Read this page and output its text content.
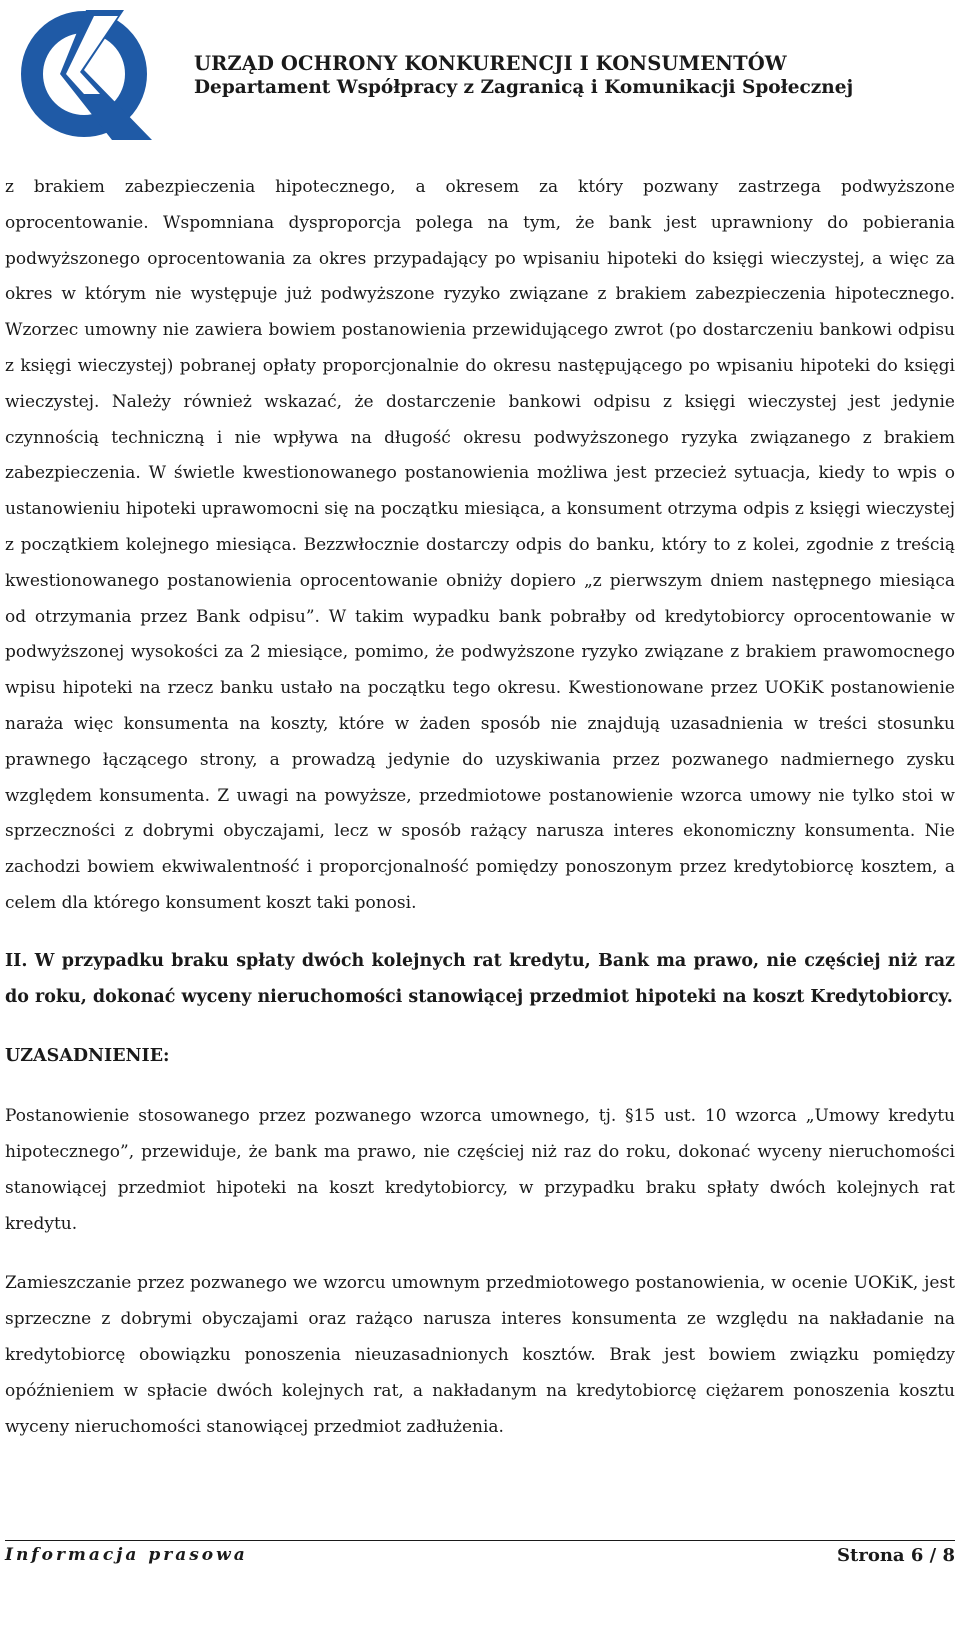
URZĄD OCHRONY KONKURENCJI I KONSUMENTÓW
Departament Współpracy z Zagranicą i Komunikacji Społecznej

z brakiem zabezpieczenia hipotecznego, a okresem za który pozwany zastrzega podwyższone oprocentowanie. Wspomniana dysproporcja polega na tym, że bank jest uprawniony do pobierania podwyższonego oprocentowania za okres przypadający po wpisaniu hipoteki do księgi wieczystej, a więc za okres w którym nie występuje już podwyższone ryzyko związane z brakiem zabezpieczenia hipotecznego. Wzorzec umowny nie zawiera bowiem postanowienia przewidującego zwrot (po dostarczeniu bankowi odpisu z księgi wieczystej) pobranej opłaty proporcjonalnie do okresu następującego po wpisaniu hipoteki do księgi wieczystej. Należy również wskazać, że dostarczenie bankowi odpisu z księgi wieczystej jest jedynie czynnością techniczną i nie wpływa na długość okresu podwyższonego ryzyka związanego z brakiem zabezpieczenia. W świetle kwestionowanego postanowienia możliwa jest przecież sytuacja, kiedy to wpis o ustanowieniu hipoteki uprawomocni się na początku miesiąca, a konsument otrzyma odpis z księgi wieczystej z początkiem kolejnego miesiąca. Bezzwłocznie dostarczy odpis do banku, który to z kolei, zgodnie z treścią kwestionowanego postanowienia oprocentowanie obniży dopiero „z pierwszym dniem następnego miesiąca od otrzymania przez Bank odpisu”. W takim wypadku bank pobrałby od kredytobiorcy oprocentowanie w podwyższonej wysokości za 2 miesiące, pomimo, że podwyższone ryzyko związane z brakiem prawomocnego wpisu hipoteki na rzecz banku ustało na początku tego okresu. Kwestionowane przez UOKiK postanowienie naraża więc konsumenta na koszty, które w żaden sposób nie znajdują uzasadnienia w treści stosunku prawnego łączącego strony, a prowadzą jedynie do uzyskiwania przez pozwanego nadmiernego zysku względem konsumenta. Z uwagi na powyższe, przedmiotowe postanowienie wzorca umowy nie tylko stoi w sprzeczności z dobrymi obyczajami, lecz w sposób rażący narusza interes ekonomiczny konsumenta. Nie zachodzi bowiem ekwiwalentność i proporcjonalność pomiędzy ponoszonym przez kredytobiorcę kosztem, a celem dla którego konsument koszt taki ponosi.

II. W przypadku braku spłaty dwóch kolejnych rat kredytu, Bank ma prawo, nie częściej niż raz do roku, dokonać wyceny nieruchomości stanowiącej przedmiot hipoteki na koszt Kredytobiorcy.

UZASADNIENIE:

Postanowienie stosowanego przez pozwanego wzorca umownego, tj. §15 ust. 10 wzorca „Umowy kredytu hipotecznego”, przewiduje, że bank ma prawo, nie częściej niż raz do roku, dokonać wyceny nieruchomości stanowiącej przedmiot hipoteki na koszt kredytobiorcy, w przypadku braku spłaty dwóch kolejnych rat kredytu.

Zamieszczanie przez pozwanego we wzorcu umownym przedmiotowego postanowienia, w ocenie UOKiK, jest sprzeczne z dobrymi obyczajami oraz rażąco narusza interes konsumenta ze względu na nakładanie na kredytobiorcę obowiązku ponoszenia nieuzasadnionych kosztów. Brak jest bowiem związku pomiędzy opóźnieniem w spłacie dwóch kolejnych rat, a nakładanym na kredytobiorcę ciężarem ponoszenia kosztu wyceny nieruchomości stanowiącej przedmiot zadłużenia.

Informacja prasowa	Strona 6 / 8
